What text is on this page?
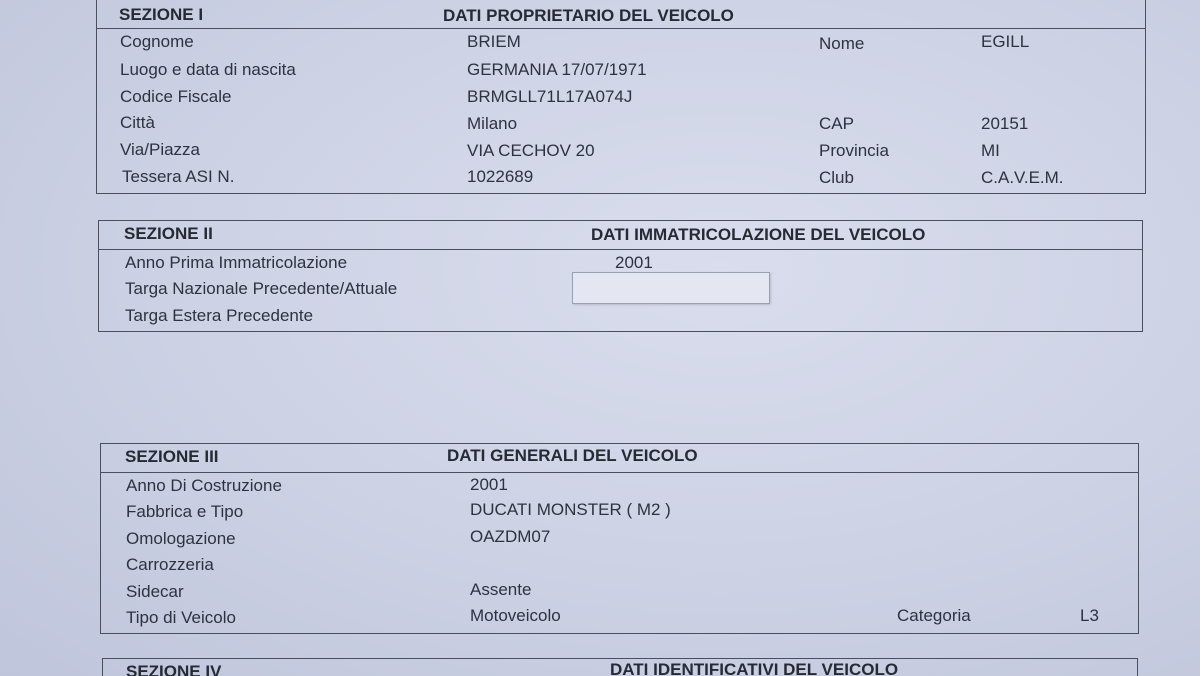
SEZIONE I	DATI PROPRIETARIO DEL VEICOLO
Cognome	BRIEM	Nome	EGILL
Luogo e data di nascita	GERMANIA 17/07/1971
Codice Fiscale	BRMGLL71L17A074J
Città	Milano	CAP	20151
Via/Piazza	VIA CECHOV 20	Provincia	MI
Tessera ASI N.	1022689	Club	C.A.V.E.M.
SEZIONE II	DATI IMMATRICOLAZIONE DEL VEICOLO
Anno Prima Immatricolazione	2001
Targa Nazionale Precedente/Attuale
Targa Estera Precedente
SEZIONE III	DATI GENERALI DEL VEICOLO
Anno Di Costruzione	2001
Fabbrica e Tipo	DUCATI MONSTER ( M2 )
Omologazione	OAZDM07
Carrozzeria
Sidecar	Assente
Tipo di Veicolo	Motoveicolo	Categoria	L3
SEZIONE IV	DATI IDENTIFICATIVI DEL VEICOLO
